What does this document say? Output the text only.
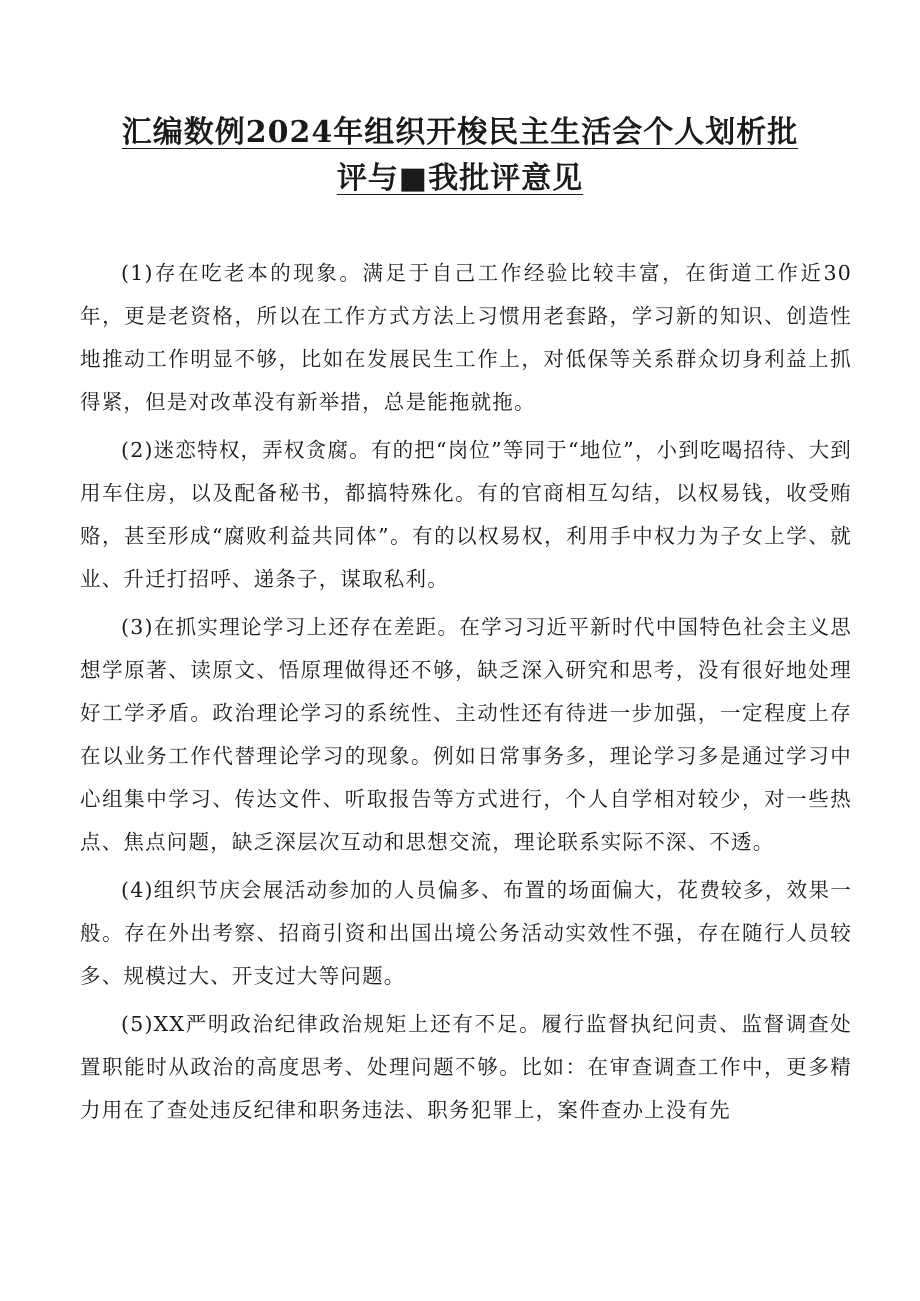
汇编数例2024年组织开梭民主生活会个人划析批
评与■我批评意见

(1)存在吃老本的现象。满足于自己工作经验比较丰富，在街道工作近30年，更是老资格，所以在工作方式方法上习惯用老套路，学习新的知识、创造性地推动工作明显不够，比如在发展民生工作上，对低保等关系群众切身利益上抓得紧，但是对改革没有新举措，总是能拖就拖。

(2)迷恋特权，弄权贪腐。有的把“岗位”等同于“地位”，小到吃喝招待、大到用车住房，以及配备秘书，都搞特殊化。有的官商相互勾结，以权易钱，收受贿赂，甚至形成“腐败利益共同体”。有的以权易权，利用手中权力为子女上学、就业、升迁打招呼、递条子，谋取私利。

(3)在抓实理论学习上还存在差距。在学习习近平新时代中国特色社会主义思想学原著、读原文、悟原理做得还不够，缺乏深入研究和思考，没有很好地处理好工学矛盾。政治理论学习的系统性、主动性还有待进一步加强，一定程度上存在以业务工作代替理论学习的现象。例如日常事务多，理论学习多是通过学习中心组集中学习、传达文件、听取报告等方式进行，个人自学相对较少，对一些热点、焦点问题，缺乏深层次互动和思想交流，理论联系实际不深、不透。

(4)组织节庆会展活动参加的人员偏多、布置的场面偏大，花费较多，效果一般。存在外出考察、招商引资和出国出境公务活动实效性不强，存在随行人员较多、规模过大、开支过大等问题。

(5)XX严明政治纪律政治规矩上还有不足。履行监督执纪问责、监督调查处置职能时从政治的高度思考、处理问题不够。比如：在审查调查工作中，更多精力用在了查处违反纪律和职务违法、职务犯罪上，案件查办上没有先
